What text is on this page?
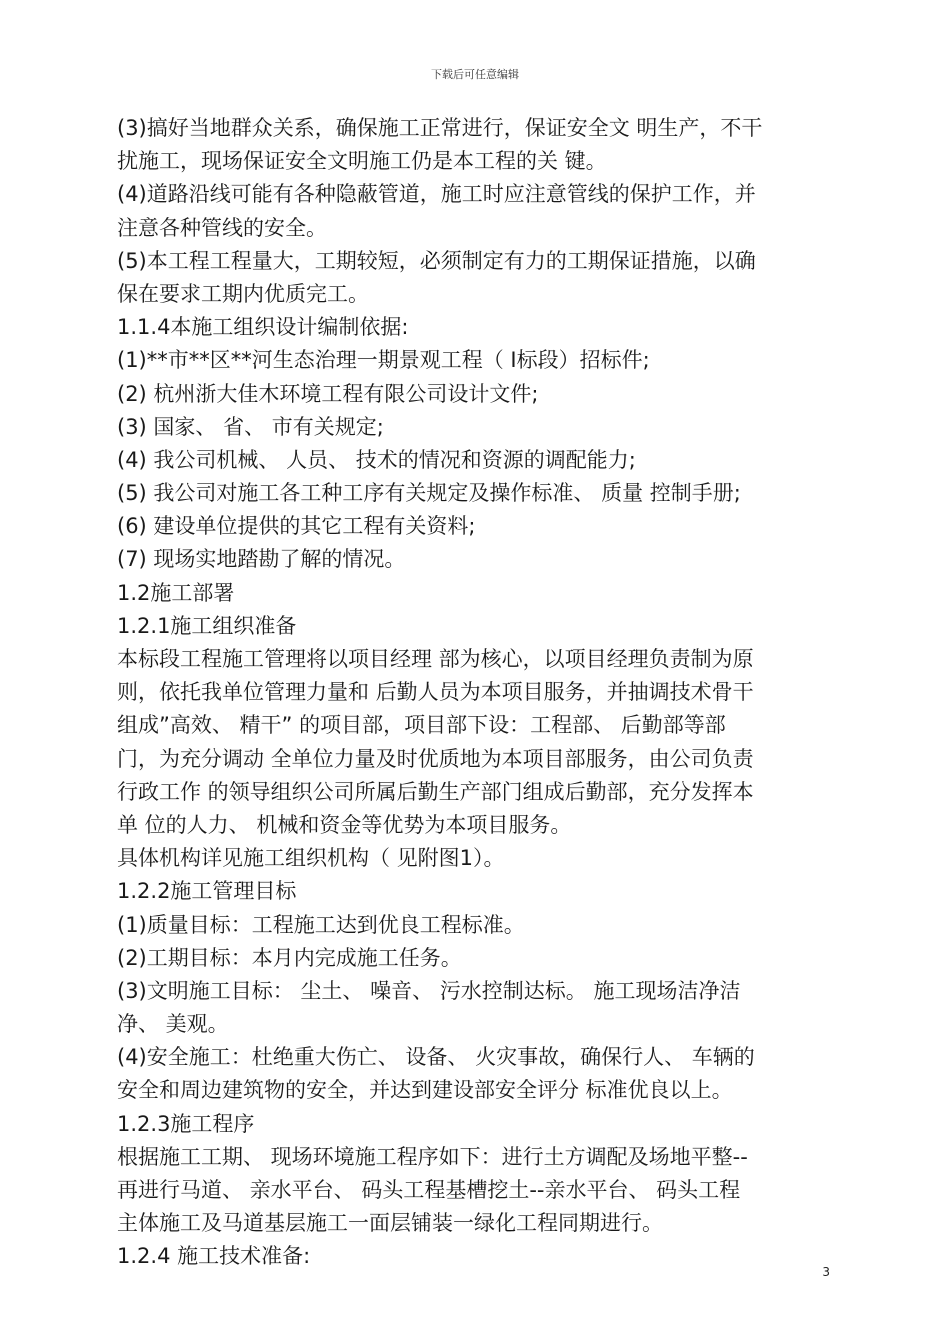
下载后可任意编辑
(3)搞好当地群众关系，确保施工正常进行，保证安全文 明生产，不干
扰施工，现场保证安全文明施工仍是本工程的关 键。
(4)道路沿线可能有各种隐蔽管道，施工时应注意管线的保护工作，并
注意各种管线的安全。
(5)本工程工程量大，工期较短，必须制定有力的工期保证措施，以确
保在要求工期内优质完工。
1.1.4本施工组织设计编制依据:
(1)**市**区**河生态治理一期景观工程（ I标段）招标件;
(2) 杭州浙大佳木环境工程有限公司设计文件;
(3) 国家、 省、 市有关规定;
(4) 我公司机械、 人员、 技术的情况和资源的调配能力;
(5) 我公司对施工各工种工序有关规定及操作标准、 质量 控制手册;
(6) 建设单位提供的其它工程有关资料;
(7) 现场实地踏勘了解的情况。
1.2施工部署
1.2.1施工组织准备
本标段工程施工管理将以项目经理 部为核心，以项目经理负责制为原
则，依托我单位管理力量和 后勤人员为本项目服务，并抽调技术骨干
组成”高效、 精干” 的项目部，项目部下设：工程部、 后勤部等部
门，为充分调动 全单位力量及时优质地为本项目部服务，由公司负责
行政工作 的领导组织公司所属后勤生产部门组成后勤部，充分发挥本
单 位的人力、 机械和资金等优势为本项目服务。
具体机构详见施工组织机构（ 见附图1）。
1.2.2施工管理目标
(1)质量目标：工程施工达到优良工程标准。
(2)工期目标：本月内完成施工任务。
(3)文明施工目标： 尘土、 噪音、 污水控制达标。 施工现场洁净洁
净、 美观。
(4)安全施工：杜绝重大伤亡、 设备、 火灾事故，确保行人、 车辆的
安全和周边建筑物的安全，并达到建设部安全评分 标准优良以上。
1.2.3施工程序
根据施工工期、 现场环境施工程序如下：进行土方调配及场地平整--
再进行马道、 亲水平台、 码头工程基槽挖土--亲水平台、 码头工程
主体施工及马道基层施工一面层铺装一绿化工程同期进行。
1.2.4 施工技术准备:
3
